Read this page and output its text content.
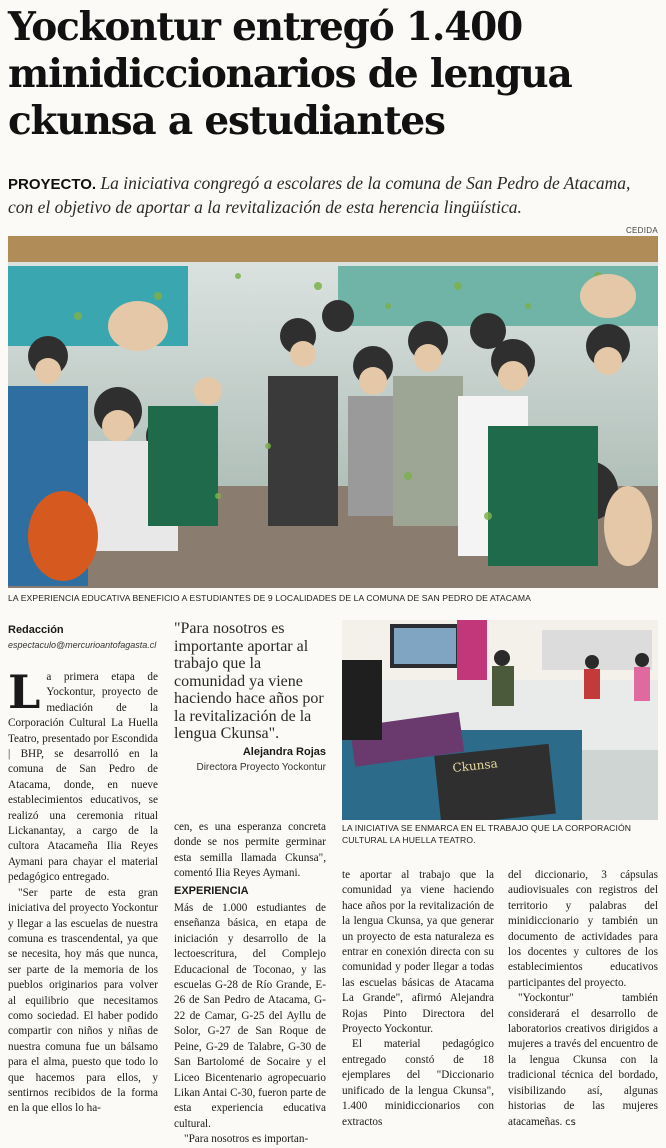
Yockontur entregó 1.400 minidiccionarios de lengua ckunsa a estudiantes
PROYECTO. La iniciativa congregó a escolares de la comuna de San Pedro de Atacama, con el objetivo de aportar a la revitalización de esta herencia lingüística.
CEDIDA
LA EXPERIENCIA EDUCATIVA BENEFICIO A ESTUDIANTES DE 9 LOCALIDADES DE LA COMUNA DE SAN PEDRO DE ATACAMA
Redacción
espectaculo@mercurioantofagasta.cl

La primera etapa de Yockontur, proyecto de mediación de la Corporación Cultural La Huella Teatro, presentado por Escondida | BHP, se desarrolló en la comuna de San Pedro de Atacama, donde, en nueve establecimientos educativos, se realizó una ceremonia ritual Lickanantay, a cargo de la cultora Atacameña Ilia Reyes Aymani para chayar el material pedagógico entregado.

"Ser parte de esta gran iniciativa del proyecto Yockontur y llegar a las escuelas de nuestra comuna es trascendental, ya que se necesita, hoy más que nunca, ser parte de la memoria de los pueblos originarios para volver al equilibrio que necesitamos como sociedad. El haber podido compartir con niños y niñas de nuestra comuna fue un bálsamo para el alma, puesto que todo lo que hacemos para ellos, y sentirnos recibidos de la forma en la que ellos lo ha-

"Para nosotros es importante aportar al trabajo que la comunidad ya viene haciendo hace años por la revitalización de la lengua Ckunsa".
Alejandra Rojas
Directora Proyecto Yockontur

cen, es una esperanza concreta donde se nos permite germinar esta semilla llamada Ckunsa", comentó Ilia Reyes Aymani.

EXPERIENCIA

Más de 1.000 estudiantes de enseñanza básica, en etapa de iniciación y desarrollo de la lectoescritura, del Complejo Educacional de Toconao, y las escuelas G-28 de Río Grande, E-26 de San Pedro de Atacama, G-22 de Camar, G-25 del Ayllu de Solor, G-27 de San Roque de Peine, G-29 de Talabre, G-30 de San Bartolomé de Socaire y el Liceo Bicentenario agropecuario Likan Antai C-30, fueron parte de esta experiencia educativa cultural.

"Para nosotros es importan-

Ckunsa
LA INICIATIVA SE ENMARCA EN EL TRABAJO QUE LA CORPORACIÓN CULTURAL LA HUELLA TEATRO.

te aportar al trabajo que la comunidad ya viene haciendo hace años por la revitalización de la lengua Ckunsa, ya que generar un proyecto de esta naturaleza es entrar en conexión directa con su comunidad y poder llegar a todas las escuelas básicas de Atacama La Grande", afirmó Alejandra Rojas Pinto Directora del Proyecto Yockontur.

El material pedagógico entregado constó de 18 ejemplares del "Diccionario unificado de la lengua Ckunsa", 1.400 minidiccionarios con extractos

del diccionario, 3 cápsulas audiovisuales con registros del territorio y palabras del minidiccionario y también un documento de actividades para los docentes y cultores de los establecimientos educativos participantes del proyecto.

"Yockontur" también considerará el desarrollo de laboratorios creativos dirigidos a mujeres a través del encuentro de la lengua Ckunsa con la tradicional técnica del bordado, visibilizando así, algunas historias de las mujeres atacameñas. cs
